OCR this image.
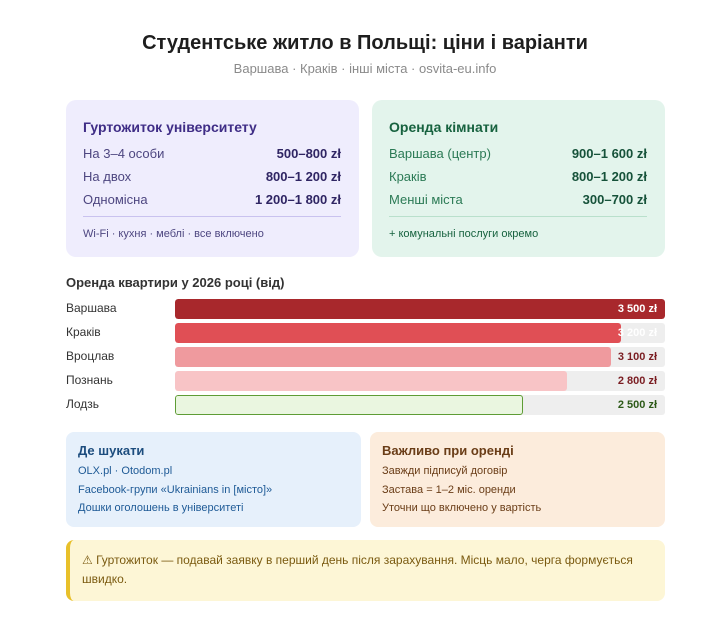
Студентське житло в Польщі: ціни і варіанти
Варшава · Краків · інші міста · osvita-eu.info
Гуртожиток університету
На 3–4 особи	500–800 zł
На двох	800–1 200 zł
Одномісна	1 200–1 800 zł
Wi-Fi · кухня · меблі · все включено
Оренда кімнати
Варшава (центр)	900–1 600 zł
Краків	800–1 200 zł
Менші міста	300–700 zł
+ комунальні послуги окремо
Оренда квартири у 2026 році (від)
Варшава	3 500 zł
Краків	3 200 zł
Вроцлав	3 100 zł
Познань	2 800 zł
Лодзь	2 500 zł
Де шукати
OLX.pl · Otodom.pl
Facebook-групи «Ukrainians in [місто]»
Дошки оголошень в університеті
Важливо при оренді
Завжди підписуй договір
Застава = 1–2 міс. оренди
Уточни що включено у вартість
⚠ Гуртожиток — подавай заявку в перший день після зарахування. Місць мало, черга формується швидко.
